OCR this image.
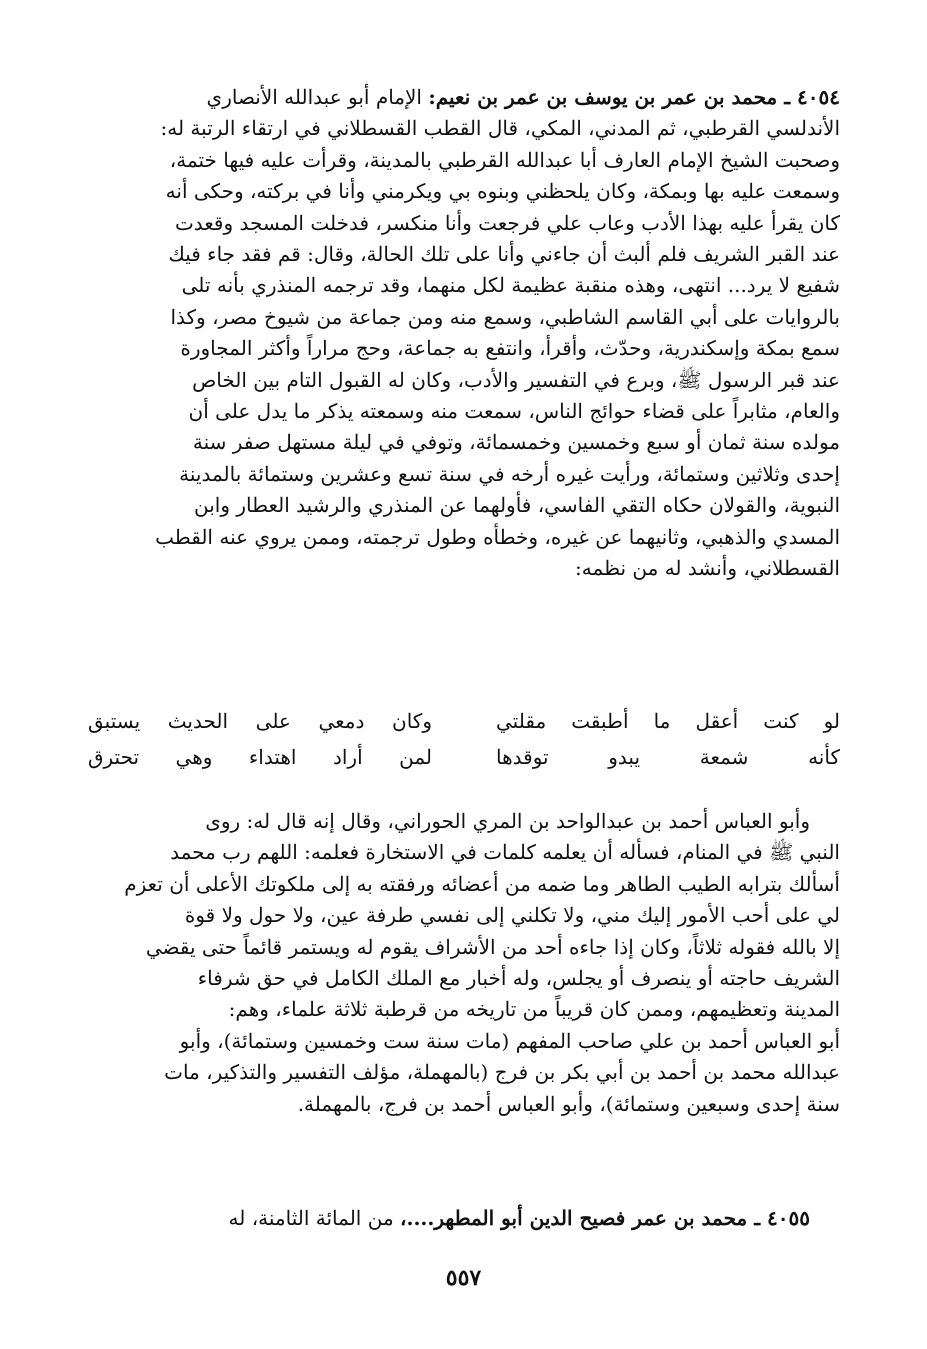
٤٠٥٤ ـ محمد بن عمر بن يوسف بن عمر بن نعيم: الإمام أبو عبدالله الأنصاري

الأندلسي القرطبي، ثم المدني، المكي، قال القطب القسطلاني في ارتقاء الرتبة له:

وصحبت الشيخ الإمام العارف أبا عبدالله القرطبي بالمدينة، وقرأت عليه فيها ختمة،

وسمعت عليه بها وبمكة، وكان يلحظني وبنوه بي ويكرمني وأنا في بركته، وحكى أنه

كان يقرأ عليه بهذا الأدب وعاب علي فرجعت وأنا منكسر، فدخلت المسجد وقعدت

عند القبر الشريف فلم ألبث أن جاءني وأنا على تلك الحالة، وقال: قم فقد جاء فيك

شفيع لا يرد... انتهى، وهذه منقبة عظيمة لكل منهما، وقد ترجمه المنذري بأنه تلى

بالروايات على أبي القاسم الشاطبي، وسمع منه ومن جماعة من شيوخ مصر، وكذا

سمع بمكة وإسكندرية، وحدّث، وأقرأ، وانتفع به جماعة، وحج مراراً وأكثر المجاورة

عند قبر الرسول ﷺ، وبرع في التفسير والأدب، وكان له القبول التام بين الخاص

والعام، مثابراً على قضاء حوائج الناس، سمعت منه وسمعته يذكر ما يدل على أن

مولده سنة ثمان أو سبع وخمسين وخمسمائة، وتوفي في ليلة مستهل صفر سنة

إحدى وثلاثين وستمائة، ورأيت غيره أرخه في سنة تسع وعشرين وستمائة بالمدينة

النبوية، والقولان حكاه التقي الفاسي، فأولهما عن المنذري والرشيد العطار وابن

المسدي والذهبي، وثانيهما عن غيره، وخطأه وطول ترجمته، وممن يروي عنه القطب

القسطلاني، وأنشد له من نظمه:

لو كنت أعقل ما أطبقت مقلتي
وكان دمعي على الحديث يستبق
كأنه شمعة يبدو توقدها
لمن أراد اهتداء وهي تحترق

وأبو العباس أحمد بن عبدالواحد بن المري الحوراني، وقال إنه قال له: روى

النبي ﷺ في المنام، فسأله أن يعلمه كلمات في الاستخارة فعلمه: اللهم رب محمد

أسألك بترابه الطيب الطاهر وما ضمه من أعضائه ورفقته به إلى ملكوتك الأعلى أن تعزم

لي على أحب الأمور إليك مني، ولا تكلني إلى نفسي طرفة عين، ولا حول ولا قوة

إلا بالله فقوله ثلاثاً، وكان إذا جاءه أحد من الأشراف يقوم له ويستمر قائماً حتى يقضي

الشريف حاجته أو ينصرف أو يجلس، وله أخبار مع الملك الكامل في حق شرفاء

المدينة وتعظيمهم، وممن كان قريباً من تاريخه من قرطبة ثلاثة علماء، وهم:

أبو العباس أحمد بن علي صاحب المفهم (مات سنة ست وخمسين وستمائة)، وأبو

عبدالله محمد بن أحمد بن أبي بكر بن فرج (بالمهملة، مؤلف التفسير والتذكير، مات

سنة إحدى وسبعين وستمائة)، وأبو العباس أحمد بن فرج، بالمهملة.

٤٠٥٥ ـ محمد بن عمر فصيح الدين أبو المطهر....، من المائة الثامنة، له

٥٥٧
